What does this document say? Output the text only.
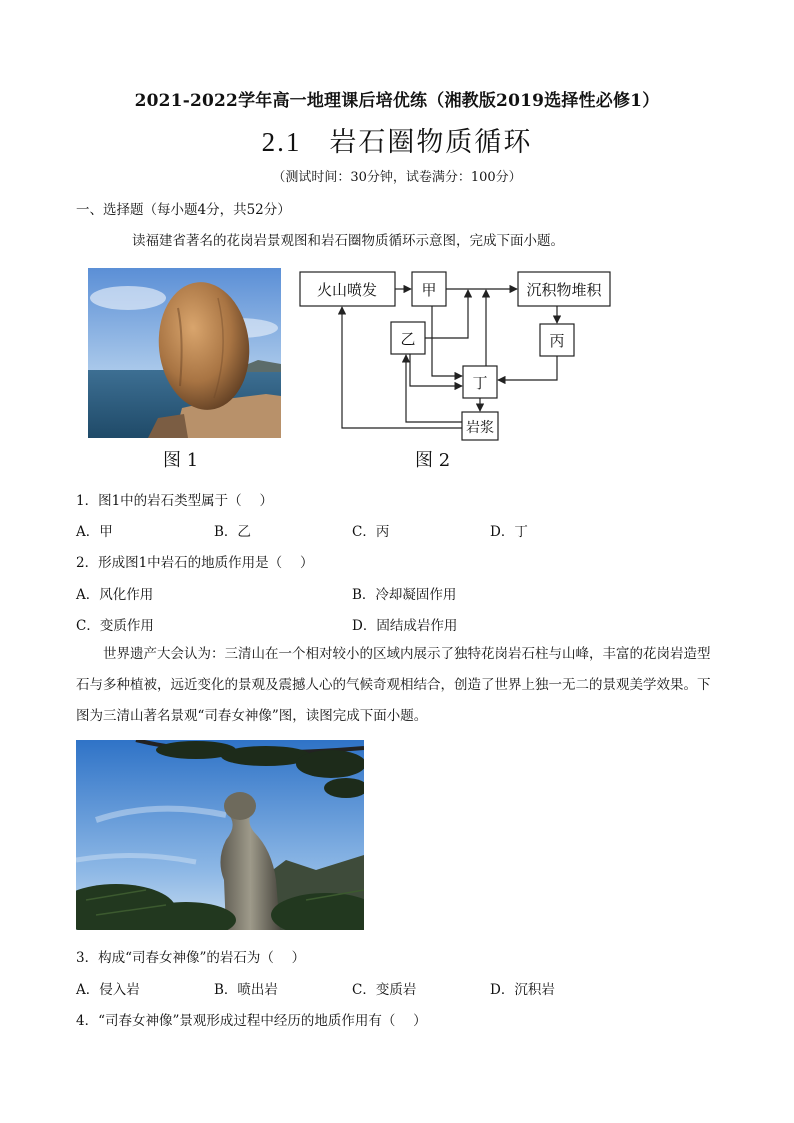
2021-2022学年高一地理课后培优练（湘教版2019选择性必修1）
2.1 岩石圈物质循环
（测试时间：30分钟，试卷满分：100分）
一、选择题（每小题4分，共52分）
读福建省著名的花岗岩景观图和岩石圈物质循环示意图，完成下面小题。
图 1
火山喷发	甲	沉积物堆积
乙	丙
丁
岩浆
图 2
1．图1中的岩石类型属于（　 ）
A．甲	B．乙	C．丙	D．丁
2．形成图1中岩石的地质作用是（　 ）
A．风化作用	B．冷却凝固作用
C．变质作用	D．固结成岩作用
世界遗产大会认为：三清山在一个相对较小的区域内展示了独特花岗岩石柱与山峰，丰富的花岗岩造型石与多种植被，远近变化的景观及震撼人心的气候奇观相结合，创造了世界上独一无二的景观美学效果。下图为三清山著名景观“司春女神像”图，读图完成下面小题。
3．构成“司春女神像”的岩石为（　 ）
A．侵入岩	B．喷出岩	C．变质岩	D．沉积岩
4．“司春女神像”景观形成过程中经历的地质作用有（　 ）
